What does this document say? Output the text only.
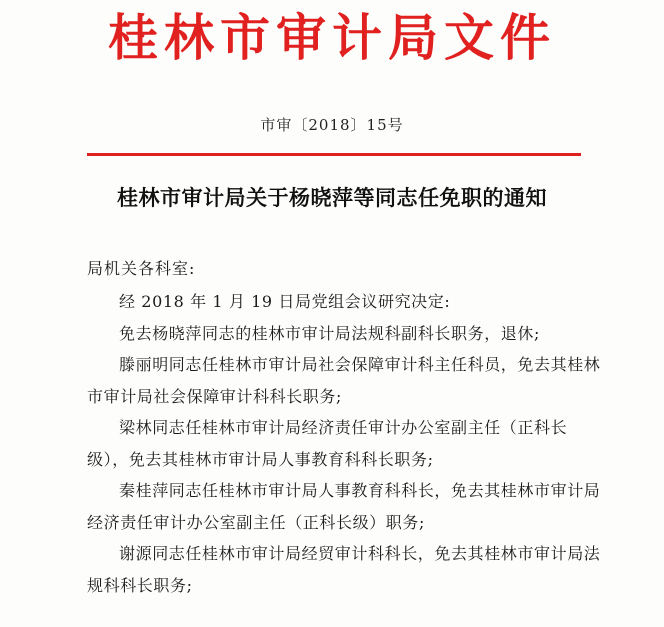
桂林市审计局文件
市审〔2018〕15号
桂林市审计局关于杨晓萍等同志任免职的通知
局机关各科室:

经 2018 年 1 月 19 日局党组会议研究决定:

免去杨晓萍同志的桂林市审计局法规科副科长职务，退休;

滕丽明同志任桂林市审计局社会保障审计科主任科员，免去其桂林市审计局社会保障审计科科长职务;

梁林同志任桂林市审计局经济责任审计办公室副主任（正科长级），免去其桂林市审计局人事教育科科长职务;

秦桂萍同志任桂林市审计局人事教育科科长，免去其桂林市审计局经济责任审计办公室副主任（正科长级）职务;

谢源同志任桂林市审计局经贸审计科科长，免去其桂林市审计局法规科科长职务;
